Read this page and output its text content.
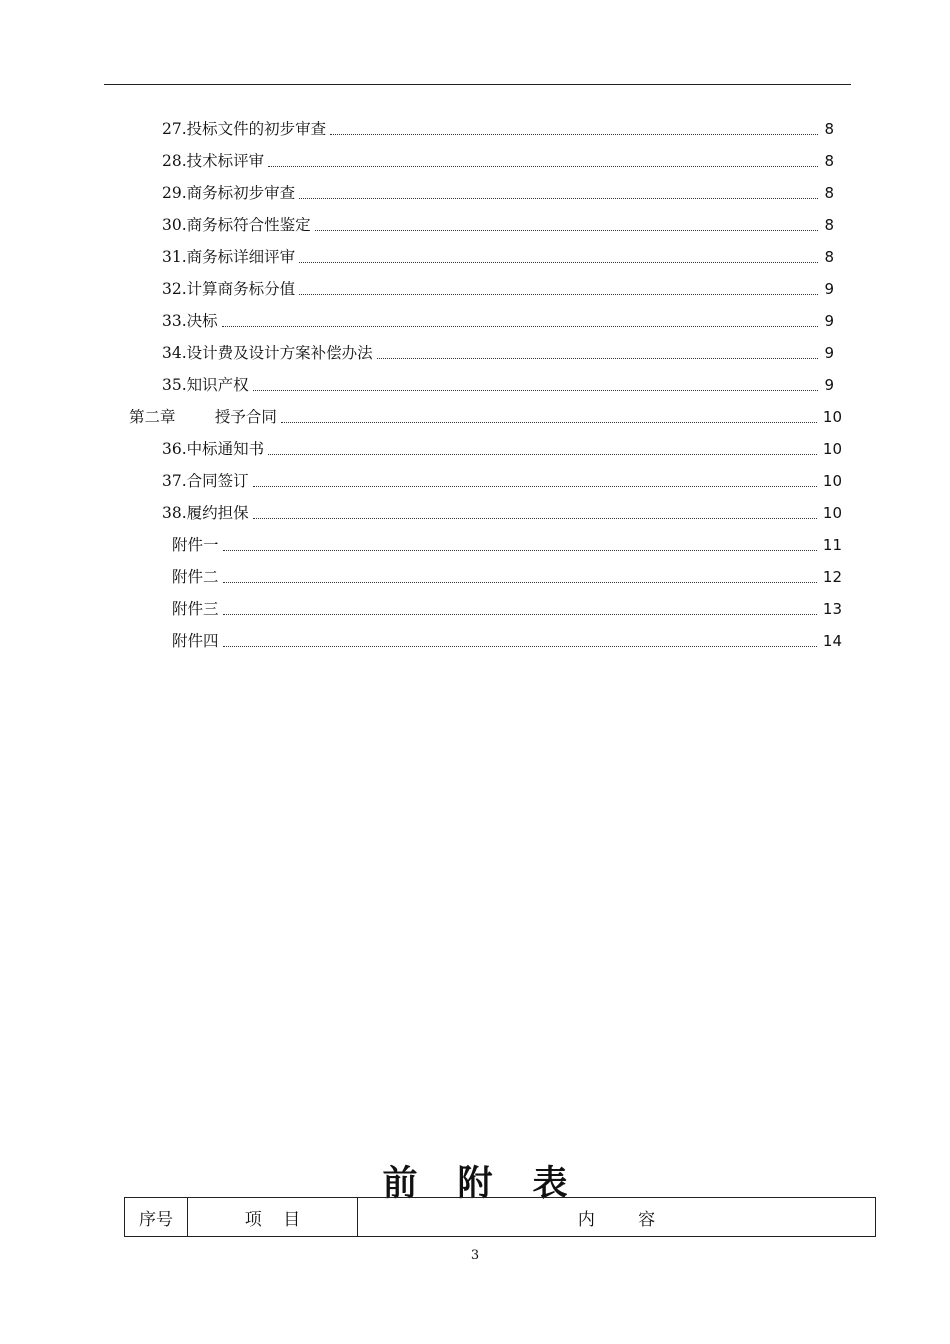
27.投标文件的初步审查	8
28.技术标评审	8
29.商务标初步审查	8
30.商务标符合性鉴定	8
31.商务标详细评审	8
32.计算商务标分值	9
33.决标	9
34.设计费及设计方案补偿办法	9
35.知识产权	9
第二章        授予合同	10
36.中标通知书	10
37.合同签订	10
38.履约担保	10
附件一	11
附件二	12
附件三	13
附件四	14
前 附 表
序号	项    目	内        容
3
